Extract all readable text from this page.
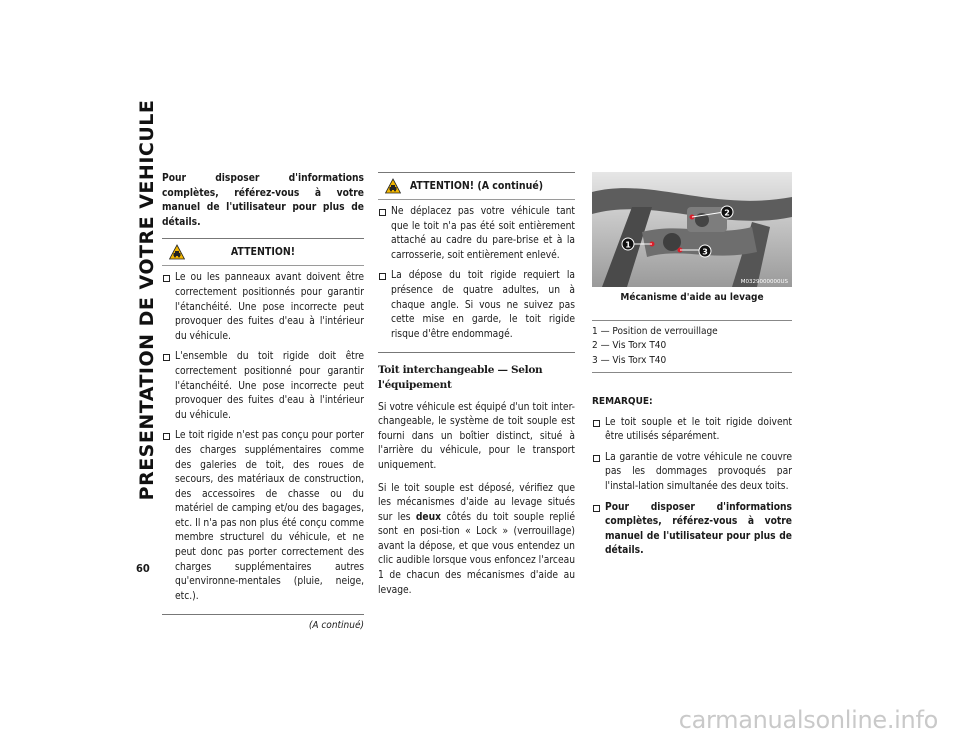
PRESENTATION DE VOTRE VEHICULE
60

Pour disposer d'informations complètes, référez-vous à votre manuel de l'utilisateur pour plus de détails.

ATTENTION!
Le ou les panneaux avant doivent être correctement positionnés pour garantir l'étanchéité. Une pose incorrecte peut provoquer des fuites d'eau à l'intérieur du véhicule.
L'ensemble du toit rigide doit être correctement positionné pour garantir l'étanchéité. Une pose incorrecte peut provoquer des fuites d'eau à l'intérieur du véhicule.
Le toit rigide n'est pas conçu pour porter des charges supplémentaires comme des galeries de toit, des roues de secours, des matériaux de construction, des accessoires de chasse ou du matériel de camping et/ou des bagages, etc. Il n'a pas non plus été conçu comme membre structurel du véhicule, et ne peut donc pas porter correctement des charges supplémentaires autres qu'environne-mentales (pluie, neige, etc.).
(A continué)
ATTENTION! (A continué)
Ne déplacez pas votre véhicule tant que le toit n'a pas été soit entièrement attaché au cadre du pare-brise et à la carrosserie, soit entièrement enlevé.
La dépose du toit rigide requiert la présence de quatre adultes, un à chaque angle. Si vous ne suivez pas cette mise en garde, le toit rigide risque d'être endommagé.
Toit interchangeable — Selon l'équipement

Si votre véhicule est équipé d'un toit inter-changeable, le système de toit souple est fourni dans un boîtier distinct, situé à l'arrière du véhicule, pour le transport uniquement.

Si le toit souple est déposé, vérifiez que les mécanismes d'aide au levage situés sur les deux côtés du toit souple replié sont en posi-tion « Lock » (verrouillage) avant la dépose, et que vous entendez un clic audible lorsque vous enfoncez l'arceau 1 de chacun des mécanismes d'aide au levage.

1
2
3
M0329000000US
Mécanisme d'aide au levage
1 — Position de verrouillage
2 — Vis Torx T40
3 — Vis Torx T40
REMARQUE:
Le toit souple et le toit rigide doivent être utilisés séparément.
La garantie de votre véhicule ne couvre pas les dommages provoqués par l'instal-lation simultanée des deux toits.
Pour disposer d'informations complètes, référez-vous à votre manuel de l'utilisateur pour plus de détails.
carmanualsonline.info
